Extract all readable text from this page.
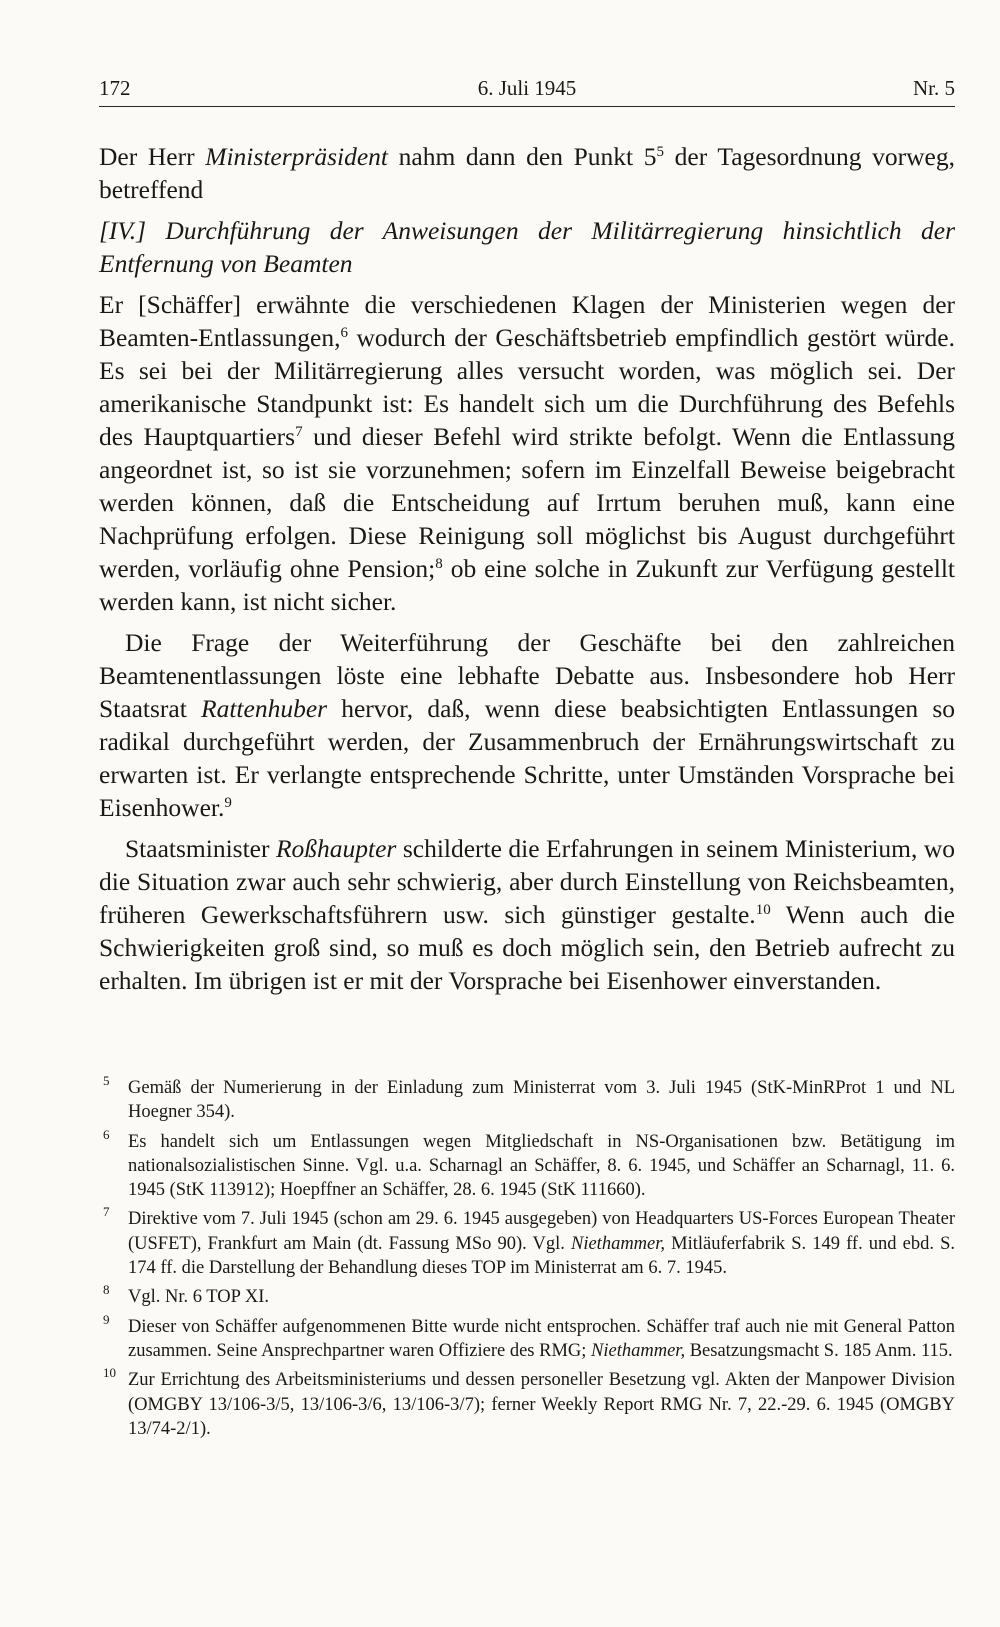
172	6. Juli 1945	Nr. 5

Der Herr Ministerpräsident nahm dann den Punkt $5^5$ der Tagesordnung vorweg, betreffend

[IV.] Durchführung der Anweisungen der Militärregierung hinsichtlich der Entfernung von Beamten

Er [Schäffer] erwähnte die verschiedenen Klagen der Ministerien wegen der Beamten-Entlassungen,$^6$ wodurch der Geschäftsbetrieb empfindlich gestört würde. Es sei bei der Militärregierung alles versucht worden, was möglich sei. Der amerikanische Standpunkt ist: Es handelt sich um die Durchführung des Befehls des Hauptquartiers$^7$ und dieser Befehl wird strikte befolgt. Wenn die Entlassung angeordnet ist, so ist sie vorzunehmen; sofern im Einzelfall Beweise beigebracht werden können, daß die Entscheidung auf Irrtum beruhen muß, kann eine Nachprüfung erfolgen. Diese Reinigung soll möglichst bis August durchgeführt werden, vorläufig ohne Pension;$^8$ ob eine solche in Zukunft zur Verfügung gestellt werden kann, ist nicht sicher.

Die Frage der Weiterführung der Geschäfte bei den zahlreichen Beamtenentlassungen löste eine lebhafte Debatte aus. Insbesondere hob Herr Staatsrat Rattenhuber hervor, daß, wenn diese beabsichtigten Entlassungen so radikal durchgeführt werden, der Zusammenbruch der Ernährungswirtschaft zu erwarten ist. Er verlangte entsprechende Schritte, unter Umständen Vorsprache bei Eisenhower.$^9$

Staatsminister Roßhaupter schilderte die Erfahrungen in seinem Ministerium, wo die Situation zwar auch sehr schwierig, aber durch Einstellung von Reichsbeamten, früheren Gewerkschaftsführern usw. sich günstiger gestalte.$^{10}$ Wenn auch die Schwierigkeiten groß sind, so muß es doch möglich sein, den Betrieb aufrecht zu erhalten. Im übrigen ist er mit der Vorsprache bei Eisenhower einverstanden.

5 Gemäß der Numerierung in der Einladung zum Ministerrat vom 3. Juli 1945 (StK-MinRProt 1 und NL Hoegner 354).
6 Es handelt sich um Entlassungen wegen Mitgliedschaft in NS-Organisationen bzw. Betätigung im nationalsozialistischen Sinne. Vgl. u.a. Scharnagl an Schäffer, 8. 6. 1945, und Schäffer an Scharnagl, 11. 6. 1945 (StK 113912); Hoepffner an Schäffer, 28. 6. 1945 (StK 111660).
7 Direktive vom 7. Juli 1945 (schon am 29. 6. 1945 ausgegeben) von Headquarters US-Forces European Theater (USFET), Frankfurt am Main (dt. Fassung MSo 90). Vgl. Niethammer, Mitläuferfabrik S. 149 ff. und ebd. S. 174 ff. die Darstellung der Behandlung dieses TOP im Ministerrat am 6. 7. 1945.
8 Vgl. Nr. 6 TOP XI.
9 Dieser von Schäffer aufgenommenen Bitte wurde nicht entsprochen. Schäffer traf auch nie mit General Patton zusammen. Seine Ansprechpartner waren Offiziere des RMG; Niethammer, Besatzungsmacht S. 185 Anm. 115.
10 Zur Errichtung des Arbeitsministeriums und dessen personeller Besetzung vgl. Akten der Manpower Division (OMGBY 13/106-3/5, 13/106-3/6, 13/106-3/7); ferner Weekly Report RMG Nr. 7, 22.-29. 6. 1945 (OMGBY 13/74-2/1).
